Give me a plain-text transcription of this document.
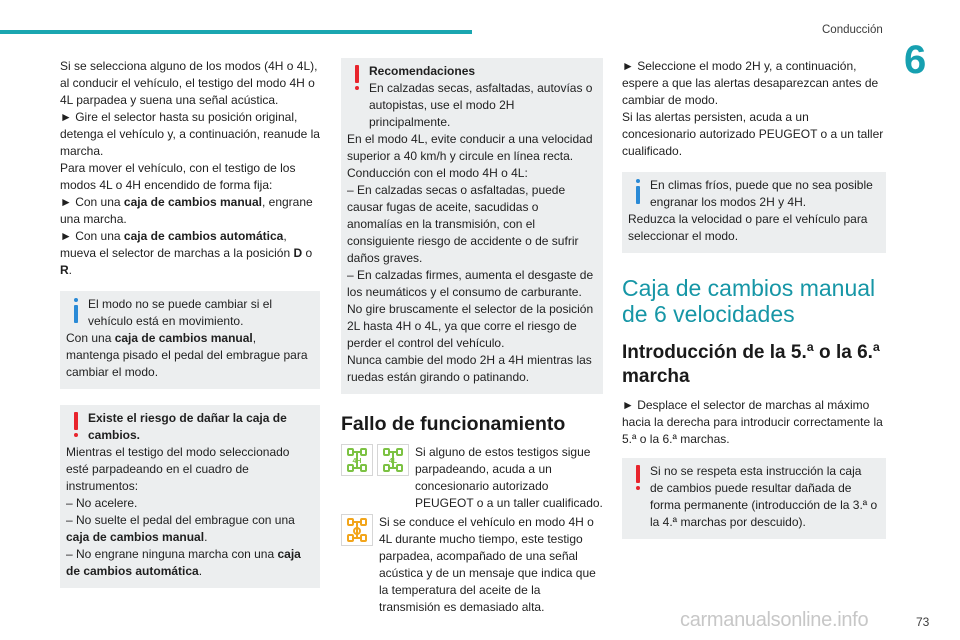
Conducción
6

Si se selecciona alguno de los modos (4H o 4L), al conducir el vehículo, el testigo del modo 4H o 4L parpadea y suena una señal acústica.

► Gire el selector hasta su posición original, detenga el vehículo y, a continuación, reanude la marcha.

Para mover el vehículo, con el testigo de los modos 4L o 4H encendido de forma fija:

► Con una caja de cambios manual, engrane una marcha.

► Con una caja de cambios automática, mueva el selector de marchas a la posición D o R.

El modo no se puede cambiar si el vehículo está en movimiento.

Con una caja de cambios manual, mantenga pisado el pedal del embrague para cambiar el modo.

Existe el riesgo de dañar la caja de cambios.

Mientras el testigo del modo seleccionado esté parpadeando en el cuadro de instrumentos:

– No acelere.

– No suelte el pedal del embrague con una caja de cambios manual.

– No engrane ninguna marcha con una caja de cambios automática.

Recomendaciones

En calzadas secas, asfaltadas, autovías o autopistas, use el modo 2H principalmente.

En el modo 4L, evite conducir a una velocidad superior a 40 km/h y circule en línea recta.

Conducción con el modo 4H o 4L:

– En calzadas secas o asfaltadas, puede causar fugas de aceite, sacudidas o anomalías en la transmisión, con el consiguiente riesgo de accidente o de sufrir daños graves.

– En calzadas firmes, aumenta el desgaste de los neumáticos y el consumo de carburante.

No gire bruscamente el selector de la posición 2L hasta 4H o 4L, ya que corre el riesgo de perder el control del vehículo.

Nunca cambie del modo 2H a 4H mientras las ruedas están girando o patinando.

Fallo de funcionamiento
4H	4L

Si alguno de estos testigos sigue parpadeando, acuda a un concesionario autorizado PEUGEOT o a un taller cualificado.

Si se conduce el vehículo en modo 4H o 4L durante mucho tiempo, este testigo parpadea, acompañado de una señal acústica y de un mensaje que indica que la temperatura del aceite de la transmisión es demasiado alta.

► Seleccione el modo 2H y, a continuación, espere a que las alertas desaparezcan antes de cambiar de modo.

Si las alertas persisten, acuda a un concesionario autorizado PEUGEOT o a un taller cualificado.

En climas fríos, puede que no sea posible engranar los modos 2H y 4H.

Reduzca la velocidad o pare el vehículo para seleccionar el modo.

Caja de cambios manual de 6 velocidades
Introducción de la 5.ª o la 6.ª marcha

► Desplace el selector de marchas al máximo hacia la derecha para introducir correctamente la 5.ª o la 6.ª marchas.

Si no se respeta esta instrucción la caja de cambios puede resultar dañada de forma permanente (introducción de la 3.ª o la 4.ª marchas por descuido).

carmanualsonline.info	73
